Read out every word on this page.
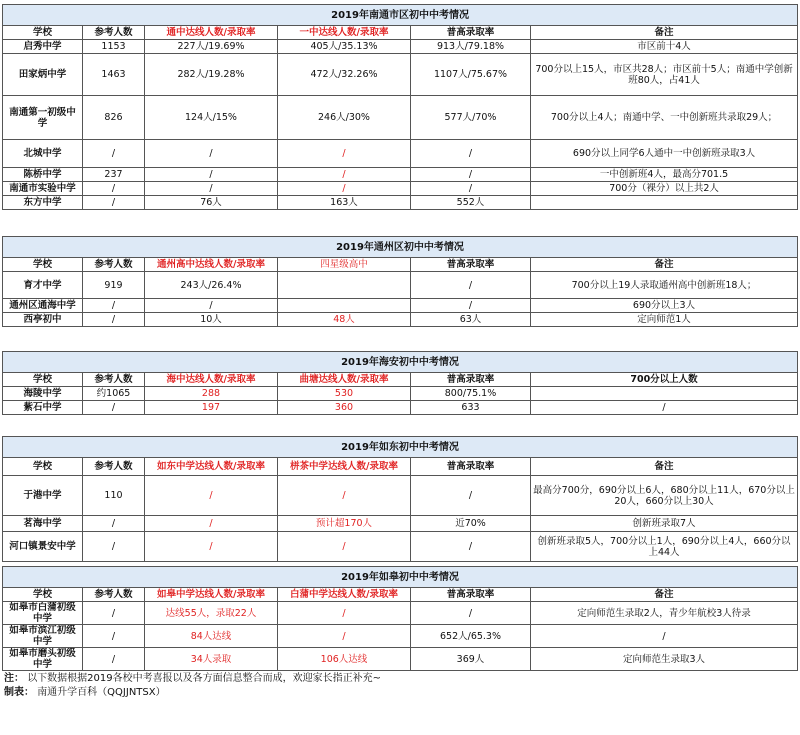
2019年南通市区初中中考情况					
学校	参考人数	通中达线人数/录取率	一中达线人数/录取率	普高录取率	备注
启秀中学	1153	227人/19.69%	405人/35.13%	913人/79.18%	市区前十4人
田家炳中学	1463	282人/19.28%	472人/32.26%	1107人/75.67%	700分以上15人，市区共28人；市区前十5人；南通中学创新班80人，占41人
南通第一初级中学	826	124人/15%	246人/30%	577人/70%	700分以上4人；南通中学、一中创新班共录取29人；
北城中学	/	/	/	/	690分以上同学6人通中一中创新班录取3人
陈桥中学	237	/	/	/	一中创新班4人，最高分701.5
南通市实验中学	/	/	/	/	700分（裸分）以上共2人
东方中学	/	76人	163人	552人	
2019年通州区初中中考情况					
学校	参考人数	通州高中达线人数/录取率	四星级高中	普高录取率	备注
育才中学	919	243人/26.4%		/	700分以上19人录取通州高中创新班18人；
通州区通海中学	/	/		/	690分以上3人
西亭初中	/	10人	48人	63人	定向师范1人
2019年海安初中中考情况					
学校	参考人数	海中达线人数/录取率	曲塘达线人数/录取率	普高录取率	700分以上人数
海陵中学	约1065	288	530	800/75.1%	
紫石中学	/	197	360	633	/
2019年如东初中中考情况					
学校	参考人数	如东中学达线人数/录取率	栟茶中学达线人数/录取率	普高录取率	备注
于港中学	110	/	/	/	最高分700分，690分以上6人，680分以上11人，670分以上20人，660分以上30人
茗海中学	/	/	预计超170人	近70%	创新班录取7人
河口镇景安中学	/	/	/	/	创新班录取5人，700分以上1人，690分以上4人，660分以上44人
2019年如皋初中中考情况					
学校	参考人数	如皋中学达线人数/录取率	白蒲中学达线人数/录取率	普高录取率	备注
如皋市白蒲初级中学	/	达线55人，录取22人	/	/	定向师范生录取2人，青少年航校3人待录
如皋市滨江初级中学	/	84人达线	/	652人/65.3%	/
如皋市磨头初级中学	/	34人录取	106人达线	369人	定向师范生录取3人
注： 以下数据根据2019各校中考喜报以及各方面信息整合而成，欢迎家长指正补充~
制表： 南通升学百科（QQJJNTSX）
